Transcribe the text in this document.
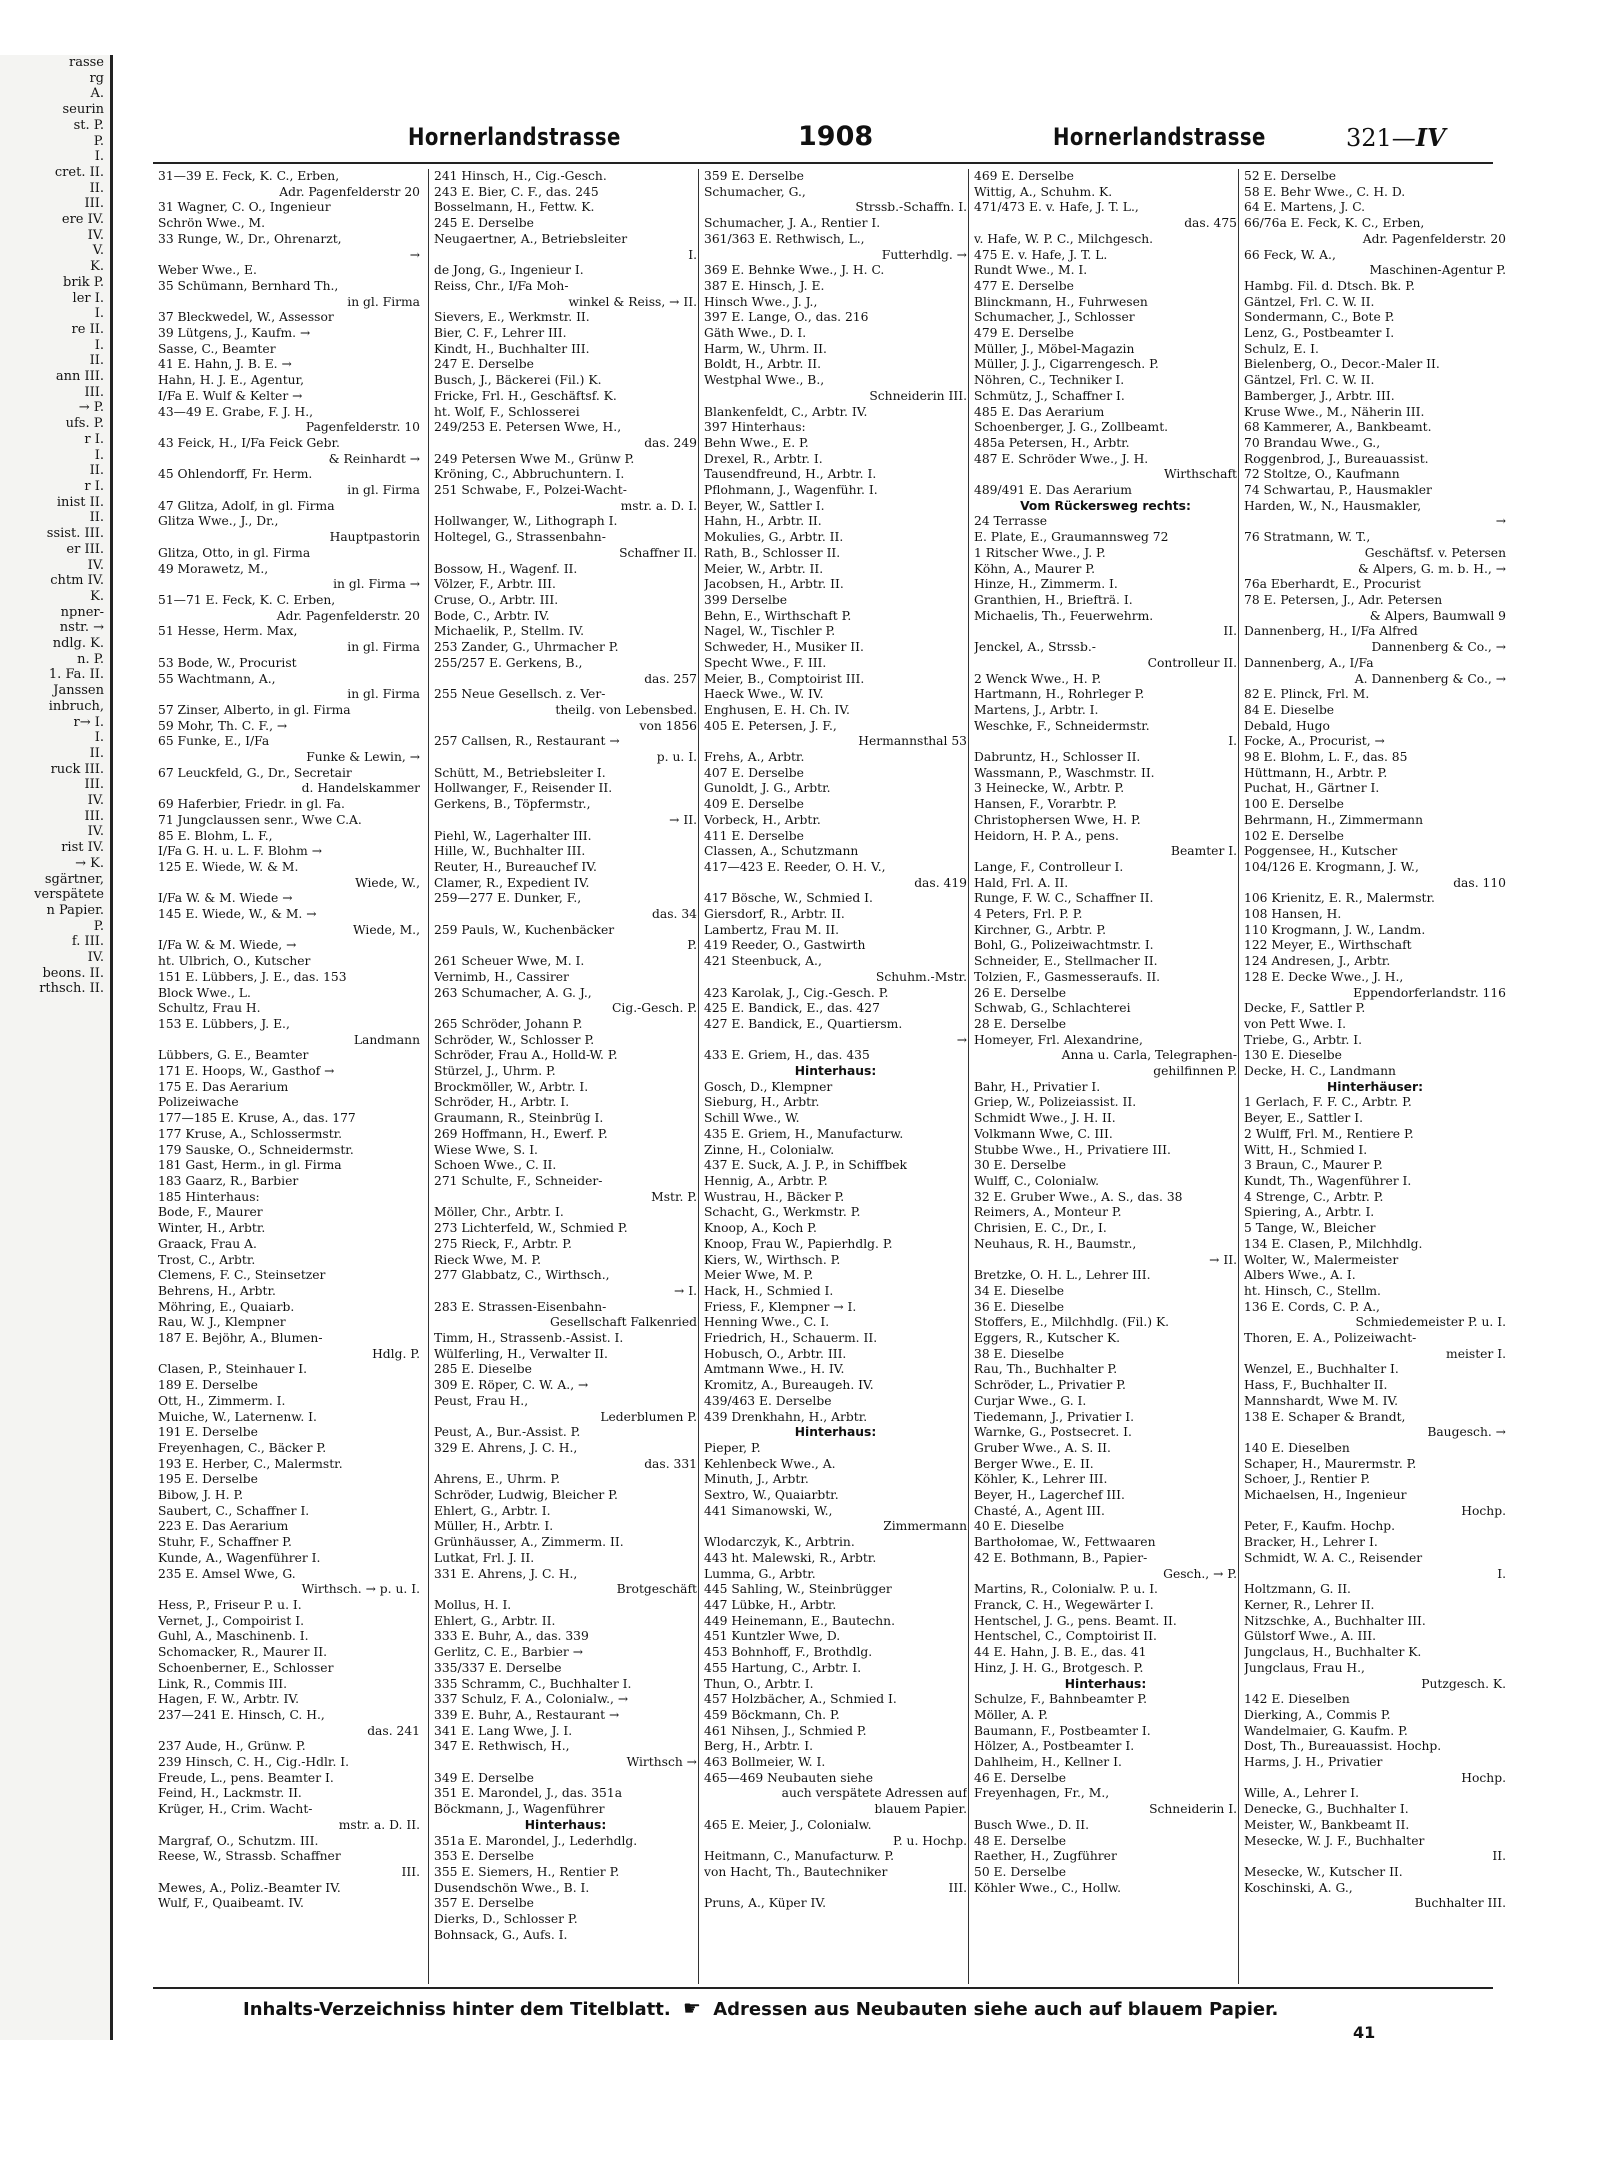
rasse
rg
A.
seurin
st. P.
P.
I.
cret. II.
II.
III.
ere IV.
IV.
V.
K.
brik P.
ler I.
I.
re II.
I.
II.
ann III.
III.
→ P.
ufs. P.
r I.
I.
II.
r I.
inist II.
II.
ssist. III.
er III.
IV.
chtm IV.
K.
npner-
nstr. →
ndlg. K.
n. P.
1. Fa. II.
Janssen
inbruch,
r→ I.
I.
II.
ruck III.
III.
IV.
III.
IV.
rist IV.
→ K.
sgärtner,
verspätete
n Papier.
P.
f. III.
IV.
beons. II.
rthsch. II.
Hornerlandstrasse	1908	Hornerlandstrasse	321—IV
31—39 E. Feck, K. C., Erben,
Adr. Pagenfelderstr 20
31 Wagner, C. O., Ingenieur
Schrön Wwe., M.
33 Runge, W., Dr., Ohrenarzt,
→
Weber Wwe., E.
35 Schümann, Bernhard Th.,
in gl. Firma
37 Bleckwedel, W., Assessor
39 Lütgens, J., Kaufm. →
Sasse, C., Beamter
41 E. Hahn, J. B. E. →
Hahn, H. J. E., Agentur,
I/Fa E. Wulf & Kelter →
43—49 E. Grabe, F. J. H.,
Pagenfelderstr. 10
43 Feick, H., I/Fa Feick Gebr.
& Reinhardt →
45 Ohlendorff, Fr. Herm.
in gl. Firma
47 Glitza, Adolf, in gl. Firma
Glitza Wwe., J., Dr.,
Hauptpastorin
Glitza, Otto, in gl. Firma
49 Morawetz, M.,
in gl. Firma →
51—71 E. Feck, K. C. Erben,
Adr. Pagenfelderstr. 20
51 Hesse, Herm. Max,
in gl. Firma
53 Bode, W., Procurist
55 Wachtmann, A.,
in gl. Firma
57 Zinser, Alberto, in gl. Firma
59 Mohr, Th. C. F., →
65 Funke, E., I/Fa
Funke & Lewin, →
67 Leuckfeld, G., Dr., Secretair
d. Handelskammer
69 Haferbier, Friedr. in gl. Fa.
71 Jungclaussen senr., Wwe C.A.
85 E. Blohm, L. F.,
I/Fa G. H. u. L. F. Blohm →
125 E. Wiede, W. & M.
Wiede, W.,
I/Fa W. & M. Wiede →
145 E. Wiede, W., & M. →
Wiede, M.,
I/Fa W. & M. Wiede, →
ht. Ulbrich, O., Kutscher
151 E. Lübbers, J. E., das. 153
Block Wwe., L.
Schultz, Frau H.
153 E. Lübbers, J. E.,
Landmann
Lübbers, G. E., Beamter
171 E. Hoops, W., Gasthof →
175 E. Das Aerarium
Polizeiwache
177—185 E. Kruse, A., das. 177
177 Kruse, A., Schlossermstr.
179 Sauske, O., Schneidermstr.
181 Gast, Herm., in gl. Firma
183 Gaarz, R., Barbier
185 Hinterhaus:
Bode, F., Maurer
Winter, H., Arbtr.
Graack, Frau A.
Trost, C., Arbtr.
Clemens, F. C., Steinsetzer
Behrens, H., Arbtr.
Möhring, E., Quaiarb.
Rau, W. J., Klempner
187 E. Bejöhr, A., Blumen-
Hdlg. P.
Clasen, P., Steinhauer I.
189 E. Derselbe
Ott, H., Zimmerm. I.
Muiche, W., Laternenw. I.
191 E. Derselbe
Freyenhagen, C., Bäcker P.
193 E. Herber, C., Malermstr.
195 E. Derselbe
Bibow, J. H. P.
Saubert, C., Schaffner I.
223 E. Das Aerarium
Stuhr, F., Schaffner P.
Kunde, A., Wagenführer I.
235 E. Amsel Wwe, G.
Wirthsch. → p. u. I.
Hess, P., Friseur P. u. I.
Vernet, J., Compoirist I.
Guhl, A., Maschinenb. I.
Schomacker, R., Maurer II.
Schoenberner, E., Schlosser
Link, R., Commis III.
Hagen, F. W., Arbtr. IV.
237—241 E. Hinsch, C. H.,
das. 241
237 Aude, H., Grünw. P.
239 Hinsch, C. H., Cig.-Hdlr. I.
Freude, L., pens. Beamter I.
Feind, H., Lackmstr. II.
Krüger, H., Crim. Wacht-
mstr. a. D. II.
Margraf, O., Schutzm. III.
Reese, W., Strassb. Schaffner
III.
Mewes, A., Poliz.-Beamter IV.
Wulf, F., Quaibeamt. IV.
241 Hinsch, H., Cig.-Gesch.
243 E. Bier, C. F., das. 245
Bosselmann, H., Fettw. K.
245 E. Derselbe
Neugaertner, A., Betriebsleiter
I.
de Jong, G., Ingenieur I.
Reiss, Chr., I/Fa Moh-
winkel & Reiss, → II.
Sievers, E., Werkmstr. II.
Bier, C. F., Lehrer III.
Kindt, H., Buchhalter III.
247 E. Derselbe
Busch, J., Bäckerei (Fil.) K.
Fricke, Frl. H., Geschäftsf. K.
ht. Wolf, F., Schlosserei
249/253 E. Petersen Wwe, H.,
das. 249
249 Petersen Wwe M., Grünw P.
Kröning, C., Abbruchuntern. I.
251 Schwabe, F., Polzei-Wacht-
mstr. a. D. I.
Hollwanger, W., Lithograph I.
Holtegel, G., Strassenbahn-
Schaffner II.
Bossow, H., Wagenf. II.
Völzer, F., Arbtr. III.
Cruse, O., Arbtr. III.
Bode, C., Arbtr. IV.
Michaelik, P., Stellm. IV.
253 Zander, G., Uhrmacher P.
255/257 E. Gerkens, B.,
das. 257
255 Neue Gesellsch. z. Ver-
theilg. von Lebensbed.
von 1856
257 Callsen, R., Restaurant →
p. u. I.
Schütt, M., Betriebsleiter I.
Hollwanger, F., Reisender II.
Gerkens, B., Töpfermstr.,
→ II.
Piehl, W., Lagerhalter III.
Hille, W., Buchhalter III.
Reuter, H., Bureauchef IV.
Clamer, R., Expedient IV.
259—277 E. Dunker, F.,
das. 34
259 Pauls, W., Kuchenbäcker
P.
261 Scheuer Wwe, M. I.
Vernimb, H., Cassirer
263 Schumacher, A. G. J.,
Cig.-Gesch. P.
265 Schröder, Johann P.
Schröder, W., Schlosser P.
Schröder, Frau A., Holld-W. P.
Stürzel, J., Uhrm. P.
Brockmöller, W., Arbtr. I.
Schröder, H., Arbtr. I.
Graumann, R., Steinbrüg I.
269 Hoffmann, H., Ewerf. P.
Wiese Wwe, S. I.
Schoen Wwe., C. II.
271 Schulte, F., Schneider-
Mstr. P.
Möller, Chr., Arbtr. I.
273 Lichterfeld, W., Schmied P.
275 Rieck, F., Arbtr. P.
Rieck Wwe, M. P.
277 Glabbatz, C., Wirthsch.,
→ I.
283 E. Strassen-Eisenbahn-
Gesellschaft Falkenried
Timm, H., Strassenb.-Assist. I.
Wülferling, H., Verwalter II.
285 E. Dieselbe
309 E. Röper, C. W. A., →
Peust, Frau H.,
Lederblumen P.
Peust, A., Bur.-Assist. P.
329 E. Ahrens, J. C. H.,
das. 331
Ahrens, E., Uhrm. P.
Schröder, Ludwig, Bleicher P.
Ehlert, G., Arbtr. I.
Müller, H., Arbtr. I.
Grünhäusser, A., Zimmerm. II.
Lutkat, Frl. J. II.
331 E. Ahrens, J. C. H.,
Brotgeschäft
Mollus, H. I.
Ehlert, G., Arbtr. II.
333 E. Buhr, A., das. 339
Gerlitz, C. E., Barbier →
335/337 E. Derselbe
335 Schramm, C., Buchhalter I.
337 Schulz, F. A., Colonialw., →
339 E. Buhr, A., Restaurant →
341 E. Lang Wwe, J. I.
347 E. Rethwisch, H.,
Wirthsch →
349 E. Derselbe
351 E. Marondel, J., das. 351a
Böckmann, J., Wagenführer
Hinterhaus:
351a E. Marondel, J., Lederhdlg.
353 E. Derselbe
355 E. Siemers, H., Rentier P.
Dusendschön Wwe., B. I.
357 E. Derselbe
Dierks, D., Schlosser P.
Bohnsack, G., Aufs. I.
359 E. Derselbe
Schumacher, G.,
Strssb.-Schaffn. I.
Schumacher, J. A., Rentier I.
361/363 E. Rethwisch, L.,
Futterhdlg. →
369 E. Behnke Wwe., J. H. C.
387 E. Hinsch, J. E.
Hinsch Wwe., J. J.,
397 E. Lange, O., das. 216
Gäth Wwe., D. I.
Harm, W., Uhrm. II.
Boldt, H., Arbtr. II.
Westphal Wwe., B.,
Schneiderin III.
Blankenfeldt, C., Arbtr. IV.
397 Hinterhaus:
Behn Wwe., E. P.
Drexel, R., Arbtr. I.
Tausendfreund, H., Arbtr. I.
Pflohmann, J., Wagenführ. I.
Beyer, W., Sattler I.
Hahn, H., Arbtr. II.
Mokulies, G., Arbtr. II.
Rath, B., Schlosser II.
Meier, W., Arbtr. II.
Jacobsen, H., Arbtr. II.
399 Derselbe
Behn, E., Wirthschaft P.
Nagel, W., Tischler P.
Schweder, H., Musiker II.
Specht Wwe., F. III.
Meier, B., Comptoirist III.
Haeck Wwe., W. IV.
Enghusen, E. H. Ch. IV.
405 E. Petersen, J. F.,
Hermannsthal 53
Frehs, A., Arbtr.
407 E. Derselbe
Gunoldt, J. G., Arbtr.
409 E. Derselbe
Vorbeck, H., Arbtr.
411 E. Derselbe
Classen, A., Schutzmann
417—423 E. Reeder, O. H. V.,
das. 419
417 Bösche, W., Schmied I.
Giersdorf, R., Arbtr. II.
Lambertz, Frau M. II.
419 Reeder, O., Gastwirth
421 Steenbuck, A.,
Schuhm.-Mstr.
423 Karolak, J., Cig.-Gesch. P.
425 E. Bandick, E., das. 427
427 E. Bandick, E., Quartiersm.
→
433 E. Griem, H., das. 435
Hinterhaus:
Gosch, D., Klempner
Sieburg, H., Arbtr.
Schill Wwe., W.
435 E. Griem, H., Manufacturw.
Zinne, H., Colonialw.
437 E. Suck, A. J. P., in Schiffbek
Hennig, A., Arbtr. P.
Wustrau, H., Bäcker P.
Schacht, G., Werkmstr. P.
Knoop, A., Koch P.
Knoop, Frau W., Papierhdlg. P.
Kiers, W., Wirthsch. P.
Meier Wwe, M. P.
Hack, H., Schmied I.
Friess, F., Klempner → I.
Henning Wwe., C. I.
Friedrich, H., Schauerm. II.
Hobusch, O., Arbtr. III.
Amtmann Wwe., H. IV.
Kromitz, A., Bureaugeh. IV.
439/463 E. Derselbe
439 Drenkhahn, H., Arbtr.
Hinterhaus:
Pieper, P.
Kehlenbeck Wwe., A.
Minuth, J., Arbtr.
Sextro, W., Quaiarbtr.
441 Simanowski, W.,
Zimmermann
Wlodarczyk, K., Arbtrin.
443 ht. Malewski, R., Arbtr.
Lumma, G., Arbtr.
445 Sahling, W., Steinbrügger
447 Lübke, H., Arbtr.
449 Heinemann, E., Bautechn.
451 Kuntzler Wwe, D.
453 Bohnhoff, F., Brothdlg.
455 Hartung, C., Arbtr. I.
Thun, O., Arbtr. I.
457 Holzbächer, A., Schmied I.
459 Böckmann, Ch. P.
461 Nihsen, J., Schmied P.
Berg, H., Arbtr. I.
463 Bollmeier, W. I.
465—469 Neubauten siehe
auch verspätete Adressen auf
blauem Papier.
465 E. Meier, J., Colonialw.
P. u. Hochp.
Heitmann, C., Manufacturw. P.
von Hacht, Th., Bautechniker
III.
Pruns, A., Küper IV.
469 E. Derselbe
Wittig, A., Schuhm. K.
471/473 E. v. Hafe, J. T. L.,
das. 475
v. Hafe, W. P. C., Milchgesch.
475 E. v. Hafe, J. T. L.
Rundt Wwe., M. I.
477 E. Derselbe
Blinckmann, H., Fuhrwesen
Schumacher, J., Schlosser
479 E. Derselbe
Müller, J., Möbel-Magazin
Müller, J. J., Cigarrengesch. P.
Nöhren, C., Techniker I.
Schmütz, J., Schaffner I.
485 E. Das Aerarium
Schoenberger, J. G., Zollbeamt.
485a Petersen, H., Arbtr.
487 E. Schröder Wwe., J. H.
Wirthschaft
489/491 E. Das Aerarium
Vom Rückersweg rechts:
24 Terrasse
E. Plate, E., Graumannsweg 72
1 Ritscher Wwe., J. P.
Köhn, A., Maurer P.
Hinze, H., Zimmerm. I.
Granthien, H., Briefträ. I.
Michaelis, Th., Feuerwehrm.
II.
Jenckel, A., Strssb.-
Controlleur II.
2 Wenck Wwe., H. P.
Hartmann, H., Rohrleger P.
Martens, J., Arbtr. I.
Weschke, F., Schneidermstr.
I.
Dabruntz, H., Schlosser II.
Wassmann, P., Waschmstr. II.
3 Heinecke, W., Arbtr. P.
Hansen, F., Vorarbtr. P.
Christophersen Wwe, H. P.
Heidorn, H. P. A., pens.
Beamter I.
Lange, F., Controlleur I.
Hald, Frl. A. II.
Runge, F. W. C., Schaffner II.
4 Peters, Frl. P. P.
Kirchner, G., Arbtr. P.
Bohl, G., Polizeiwachtmstr. I.
Schneider, E., Stellmacher II.
Tolzien, F., Gasmesseraufs. II.
26 E. Derselbe
Schwab, G., Schlachterei
28 E. Derselbe
Homeyer, Frl. Alexandrine,
Anna u. Carla, Telegraphen-
gehilfinnen P.
Bahr, H., Privatier I.
Griep, W., Polizeiassist. II.
Schmidt Wwe., J. H. II.
Volkmann Wwe, C. III.
Stubbe Wwe., H., Privatiere III.
30 E. Derselbe
Wulff, C., Colonialw.
32 E. Gruber Wwe., A. S., das. 38
Reimers, A., Monteur P.
Chrisien, E. C., Dr., I.
Neuhaus, R. H., Baumstr.,
→ II.
Bretzke, O. H. L., Lehrer III.
34 E. Dieselbe
36 E. Dieselbe
Stoffers, E., Milchhdlg. (Fil.) K.
Eggers, R., Kutscher K.
38 E. Dieselbe
Rau, Th., Buchhalter P.
Schröder, L., Privatier P.
Curjar Wwe., G. I.
Tiedemann, J., Privatier I.
Warnke, G., Postsecret. I.
Gruber Wwe., A. S. II.
Berger Wwe., E. II.
Köhler, K., Lehrer III.
Beyer, H., Lagerchef III.
Chasté, A., Agent III.
40 E. Dieselbe
Barthołomae, W., Fettwaaren
42 E. Bothmann, B., Papier-
Gesch., → P.
Martins, R., Colonialw. P. u. I.
Franck, C. H., Wegewärter I.
Hentschel, J. G., pens. Beamt. II.
Hentschel, C., Comptoirist II.
44 E. Hahn, J. B. E., das. 41
Hinz, J. H. G., Brotgesch. P.
Hinterhaus:
Schulze, F., Bahnbeamter P.
Möller, A. P.
Baumann, F., Postbeamter I.
Hölzer, A., Postbeamter I.
Dahlheim, H., Kellner I.
46 E. Derselbe
Freyenhagen, Fr., M.,
Schneiderin I.
Busch Wwe., D. II.
48 E. Derselbe
Raether, H., Zugführer
50 E. Derselbe
Köhler Wwe., C., Hollw.
52 E. Derselbe
58 E. Behr Wwe., C. H. D.
64 E. Martens, J. C.
66/76a E. Feck, K. C., Erben,
Adr. Pagenfelderstr. 20
66 Feck, W. A.,
Maschinen-Agentur P.
Hambg. Fil. d. Dtsch. Bk. P.
Gäntzel, Frl. C. W. II.
Sondermann, C., Bote P.
Lenz, G., Postbeamter I.
Schulz, E. I.
Bielenberg, O., Decor.-Maler II.
Gäntzel, Frl. C. W. II.
Bamberger, J., Arbtr. III.
Kruse Wwe., M., Näherin III.
68 Kammerer, A., Bankbeamt.
70 Brandau Wwe., G.,
Roggenbrod, J., Bureauassist.
72 Stoltze, O., Kaufmann
74 Schwartau, P., Hausmakler
Harden, W., N., Hausmakler,
→
76 Stratmann, W. T.,
Geschäftsf. v. Petersen
& Alpers, G. m. b. H., →
76a Eberhardt, E., Procurist
78 E. Petersen, J., Adr. Petersen
& Alpers, Baumwall 9
Dannenberg, H., I/Fa Alfred
Dannenberg & Co., →
Dannenberg, A., I/Fa
A. Dannenberg & Co., →
82 E. Plinck, Frl. M.
84 E. Dieselbe
Debald, Hugo
Focke, A., Procurist, →
98 E. Blohm, L. F., das. 85
Hüttmann, H., Arbtr. P.
Puchat, H., Gärtner I.
100 E. Derselbe
Behrmann, H., Zimmermann
102 E. Derselbe
Poggensee, H., Kutscher
104/126 E. Krogmann, J. W.,
das. 110
106 Krienitz, E. R., Malermstr.
108 Hansen, H.
110 Krogmann, J. W., Landm.
122 Meyer, E., Wirthschaft
124 Andresen, J., Arbtr.
128 E. Decke Wwe., J. H.,
Eppendorferlandstr. 116
Decke, F., Sattler P.
von Pett Wwe. I.
Triebe, G., Arbtr. I.
130 E. Dieselbe
Decke, H. C., Landmann
Hinterhäuser:
1 Gerlach, F. F. C., Arbtr. P.
Beyer, E., Sattler I.
2 Wulff, Frl. M., Rentiere P.
Witt, H., Schmied I.
3 Braun, C., Maurer P.
Kundt, Th., Wagenführer I.
4 Strenge, C., Arbtr. P.
Spiering, A., Arbtr. I.
5 Tange, W., Bleicher
134 E. Clasen, P., Milchhdlg.
Wolter, W., Malermeister
Albers Wwe., A. I.
ht. Hinsch, C., Stellm.
136 E. Cords, C. P. A.,
Schmiedemeister P. u. I.
Thoren, E. A., Polizeiwacht-
meister I.
Wenzel, E., Buchhalter I.
Hass, F., Buchhalter II.
Mannshardt, Wwe M. IV.
138 E. Schaper & Brandt,
Baugesch. →
140 E. Dieselben
Schaper, H., Maurermstr. P.
Schoer, J., Rentier P.
Michaelsen, H., Ingenieur
Hochp.
Peter, F., Kaufm. Hochp.
Bracker, H., Lehrer I.
Schmidt, W. A. C., Reisender
I.
Holtzmann, G. II.
Kerner, R., Lehrer II.
Nitzschke, A., Buchhalter III.
Gülstorf Wwe., A. III.
Jungclaus, H., Buchhalter K.
Jungclaus, Frau H.,
Putzgesch. K.
142 E. Dieselben
Dierking, A., Commis P.
Wandelmaier, G. Kaufm. P.
Dost, Th., Bureauassist. Hochp.
Harms, J. H., Privatier
Hochp.
Wille, A., Lehrer I.
Denecke, G., Buchhalter I.
Meister, W., Bankbeamt II.
Mesecke, W. J. F., Buchhalter
II.
Mesecke, W., Kutscher II.
Koschinski, A. G.,
Buchhalter III.
Inhalts-Verzeichniss hinter dem Titelblatt. ☛ Adressen aus Neubauten siehe auch auf blauem Papier.
41
